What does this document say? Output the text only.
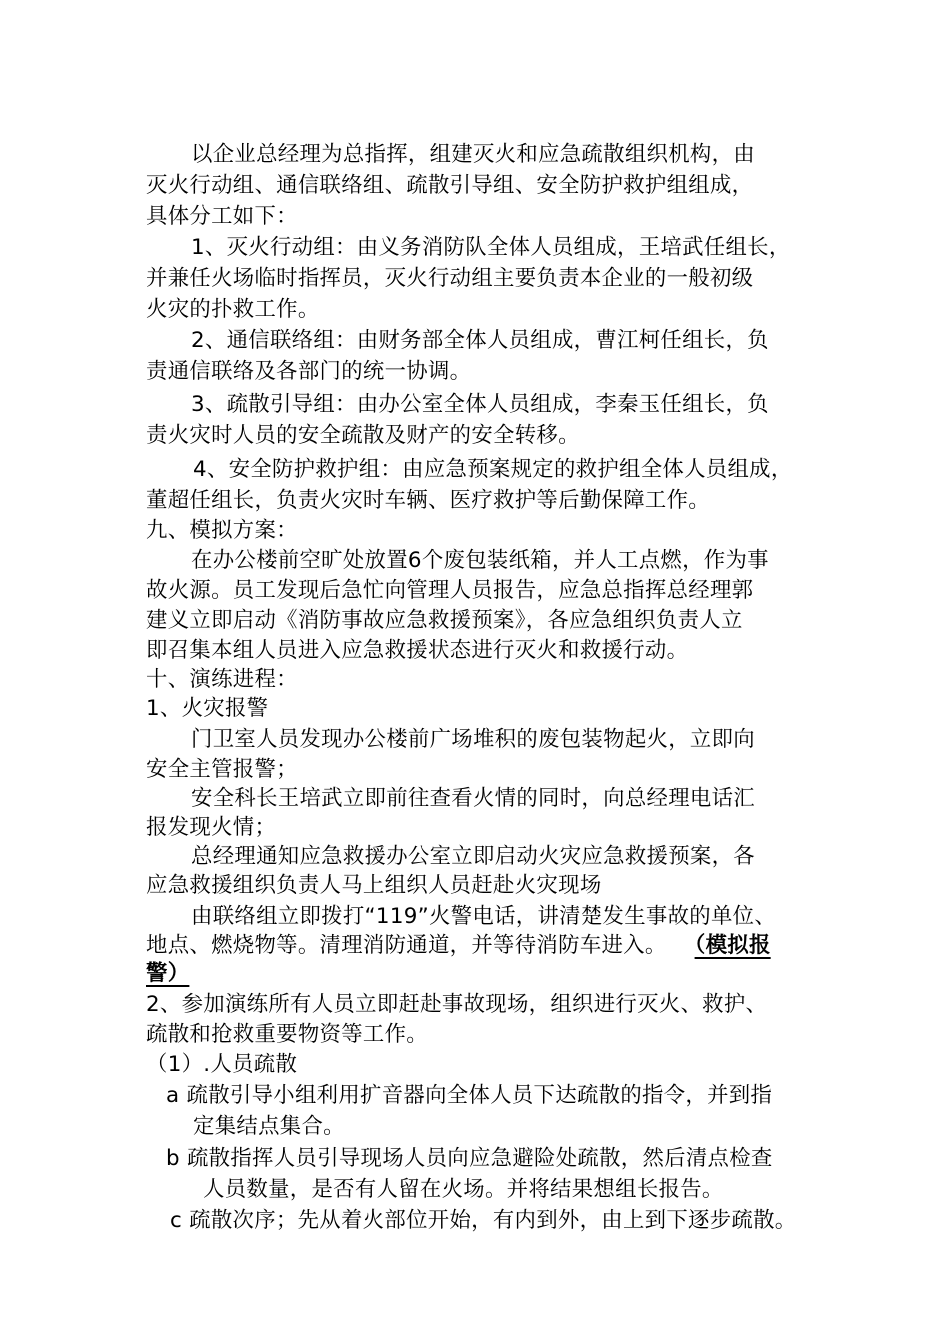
以企业总经理为总指挥，组建灭火和应急疏散组织机构，由
灭火行动组、通信联络组、疏散引导组、安全防护救护组组成，
具体分工如下：
1、灭火行动组：由义务消防队全体人员组成，王培武任组长，
并兼任火场临时指挥员，灭火行动组主要负责本企业的一般初级
火灾的扑救工作。
2、通信联络组：由财务部全体人员组成，曹江柯任组长，负
责通信联络及各部门的统一协调。
3、疏散引导组：由办公室全体人员组成，李秦玉任组长，负
责火灾时人员的安全疏散及财产的安全转移。
4、安全防护救护组：由应急预案规定的救护组全体人员组成，
董超任组长，负责火灾时车辆、医疗救护等后勤保障工作。
九、模拟方案：
在办公楼前空旷处放置6个废包装纸箱，并人工点燃，作为事
故火源。员工发现后急忙向管理人员报告，应急总指挥总经理郭
建义立即启动《消防事故应急救援预案》，各应急组织负责人立
即召集本组人员进入应急救援状态进行灭火和救援行动。
十、演练进程：
1、火灾报警
门卫室人员发现办公楼前广场堆积的废包装物起火，立即向
安全主管报警；
安全科长王培武立即前往查看火情的同时，向总经理电话汇
报发现火情；
总经理通知应急救援办公室立即启动火灾应急救援预案，各
应急救援组织负责人马上组织人员赶赴火灾现场
由联络组立即拨打“119”火警电话，讲清楚发生事故的单位、
地点、燃烧物等。清理消防通道，并等待消防车进入。 （模拟报
警）
2、参加演练所有人员立即赶赴事故现场，组织进行灭火、救护、
疏散和抢救重要物资等工作。
（1）.人员疏散
a 疏散引导小组利用扩音器向全体人员下达疏散的指令，并到指
定集结点集合。
b 疏散指挥人员引导现场人员向应急避险处疏散，然后清点检查
人员数量，是否有人留在火场。并将结果想组长报告。
c 疏散次序；先从着火部位开始，有内到外，由上到下逐步疏散。
